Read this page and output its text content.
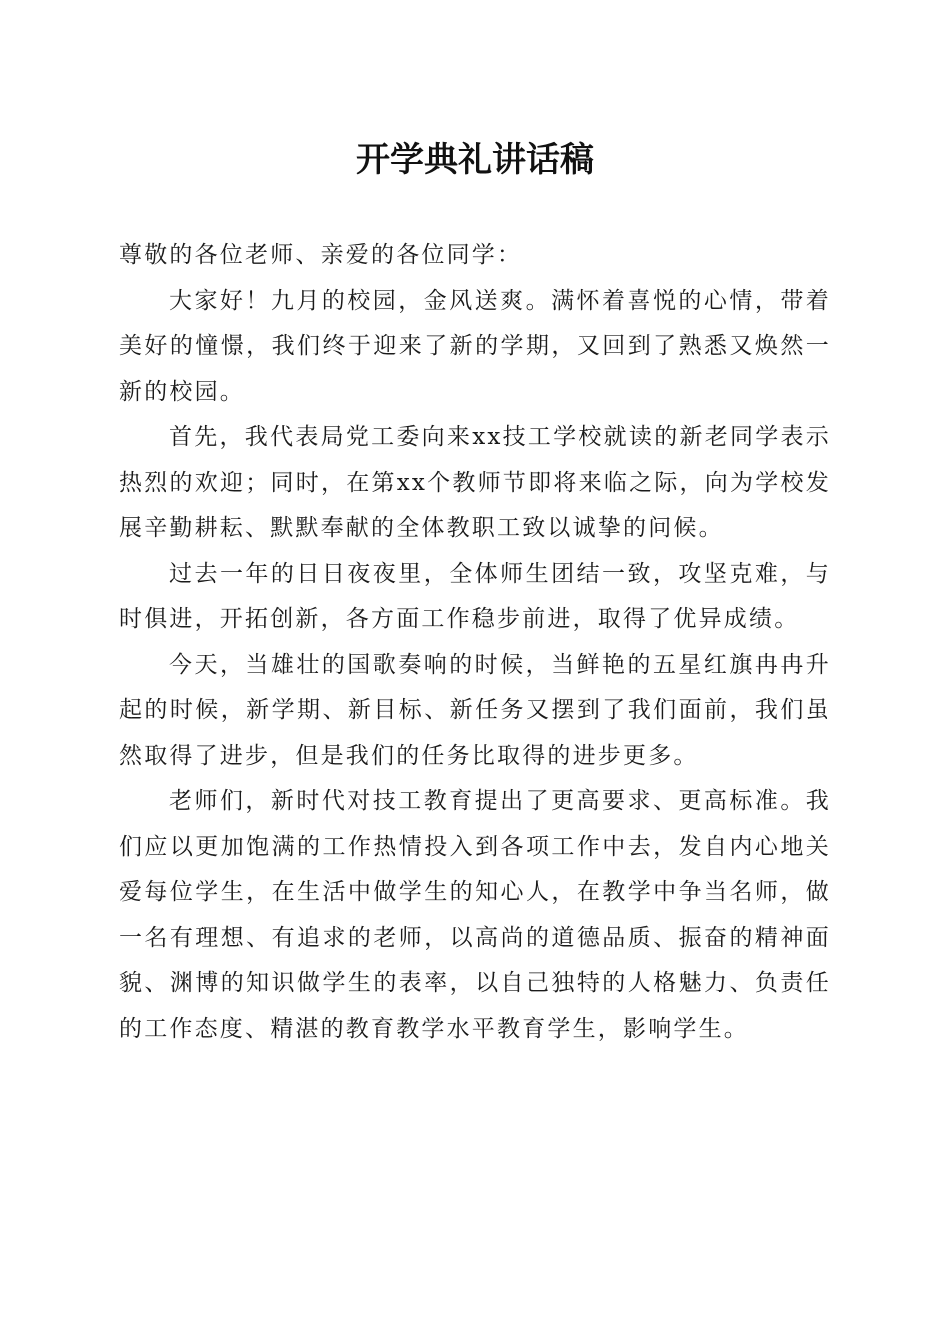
开学典礼讲话稿

尊敬的各位老师、亲爱的各位同学：

大家好！九月的校园，金风送爽。满怀着喜悦的心情，带着美好的憧憬，我们终于迎来了新的学期，又回到了熟悉又焕然一新的校园。

首先，我代表局党工委向来xx技工学校就读的新老同学表示热烈的欢迎；同时，在第xx个教师节即将来临之际，向为学校发展辛勤耕耘、默默奉献的全体教职工致以诚挚的问候。

过去一年的日日夜夜里，全体师生团结一致，攻坚克难，与时俱进，开拓创新，各方面工作稳步前进，取得了优异成绩。

今天，当雄壮的国歌奏响的时候，当鲜艳的五星红旗冉冉升起的时候，新学期、新目标、新任务又摆到了我们面前，我们虽然取得了进步，但是我们的任务比取得的进步更多。

老师们，新时代对技工教育提出了更高要求、更高标准。我们应以更加饱满的工作热情投入到各项工作中去，发自内心地关爱每位学生，在生活中做学生的知心人，在教学中争当名师，做一名有理想、有追求的老师，以高尚的道德品质、振奋的精神面貌、渊博的知识做学生的表率，以自己独特的人格魅力、负责任的工作态度、精湛的教育教学水平教育学生，影响学生。
